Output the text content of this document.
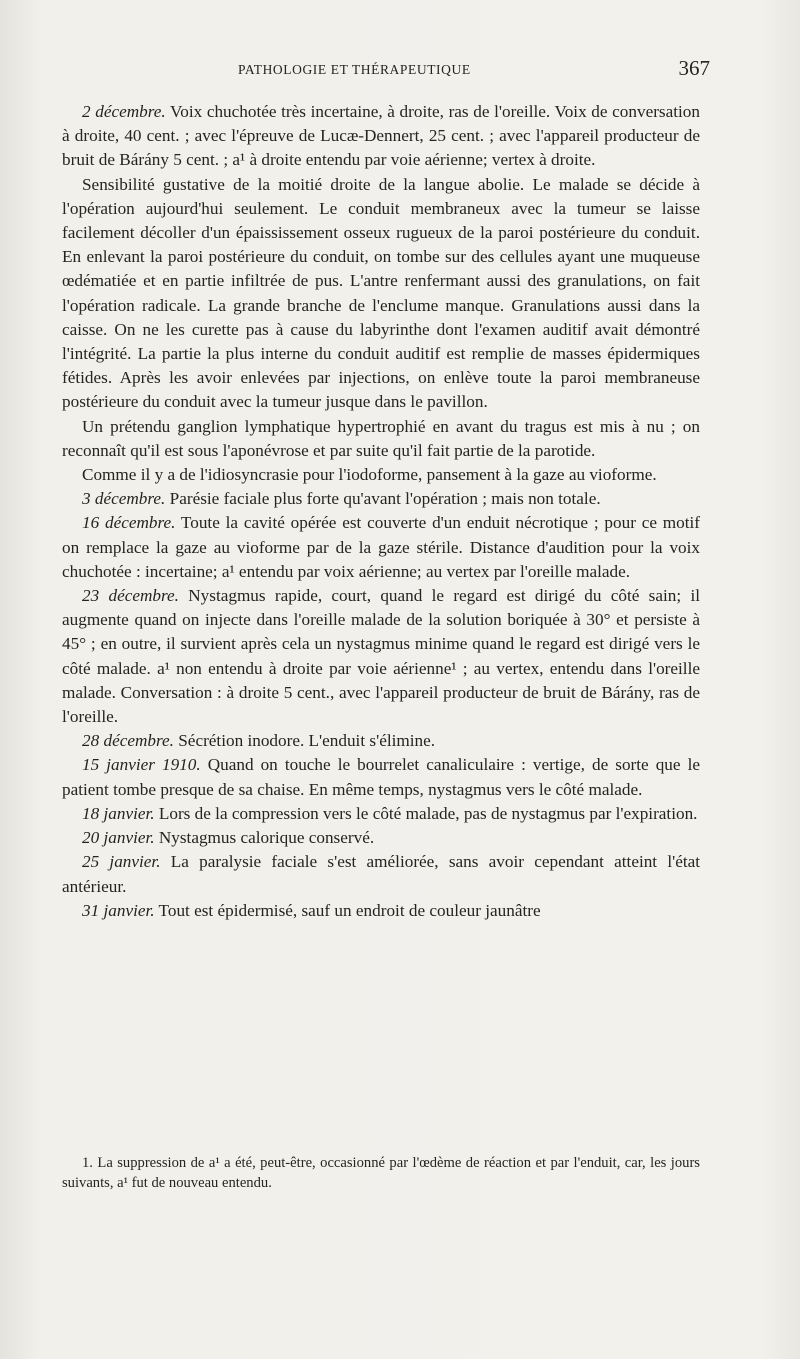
PATHOLOGIE ET THÉRAPEUTIQUE	367

2 décembre. Voix chuchotée très incertaine, à droite, ras de l'oreille. Voix de conversation à droite, 40 cent. ; avec l'épreuve de Lucæ-Dennert, 25 cent. ; avec l'appareil producteur de bruit de Bárány 5 cent. ; a¹ à droite entendu par voie aérienne; vertex à droite.

Sensibilité gustative de la moitié droite de la langue abolie. Le malade se décide à l'opération aujourd'hui seulement. Le conduit membraneux avec la tumeur se laisse facilement décoller d'un épaississement osseux rugueux de la paroi postérieure du conduit. En enlevant la paroi postérieure du conduit, on tombe sur des cellules ayant une muqueuse œdématiée et en partie infiltrée de pus. L'antre renfermant aussi des granulations, on fait l'opération radicale. La grande branche de l'enclume manque. Granulations aussi dans la caisse. On ne les curette pas à cause du labyrinthe dont l'examen auditif avait démontré l'intégrité. La partie la plus interne du conduit auditif est remplie de masses épidermiques fétides. Après les avoir enlevées par injections, on enlève toute la paroi membraneuse postérieure du conduit avec la tumeur jusque dans le pavillon.

Un prétendu ganglion lymphatique hypertrophié en avant du tragus est mis à nu ; on reconnaît qu'il est sous l'aponévrose et par suite qu'il fait partie de la parotide.

Comme il y a de l'idiosyncrasie pour l'iodoforme, pansement à la gaze au vioforme.

3 décembre. Parésie faciale plus forte qu'avant l'opération ; mais non totale.

16 décembre. Toute la cavité opérée est couverte d'un enduit nécrotique ; pour ce motif on remplace la gaze au vioforme par de la gaze stérile. Distance d'audition pour la voix chuchotée : incertaine; a¹ entendu par voix aérienne; au vertex par l'oreille malade.

23 décembre. Nystagmus rapide, court, quand le regard est dirigé du côté sain; il augmente quand on injecte dans l'oreille malade de la solution boriquée à 30° et persiste à 45° ; en outre, il survient après cela un nystagmus minime quand le regard est dirigé vers le côté malade. a¹ non entendu à droite par voie aérienne¹ ; au vertex, entendu dans l'oreille malade. Conversation : à droite 5 cent., avec l'appareil producteur de bruit de Bárány, ras de l'oreille.

28 décembre. Sécrétion inodore. L'enduit s'élimine.

15 janvier 1910. Quand on touche le bourrelet canaliculaire : vertige, de sorte que le patient tombe presque de sa chaise. En même temps, nystagmus vers le côté malade.

18 janvier. Lors de la compression vers le côté malade, pas de nystagmus par l'expiration.

20 janvier. Nystagmus calorique conservé.

25 janvier. La paralysie faciale s'est améliorée, sans avoir cependant atteint l'état antérieur.

31 janvier. Tout est épidermisé, sauf un endroit de couleur jaunâtre

1. La suppression de a¹ a été, peut-être, occasionné par l'œdème de réaction et par l'enduit, car, les jours suivants, a¹ fut de nouveau entendu.
